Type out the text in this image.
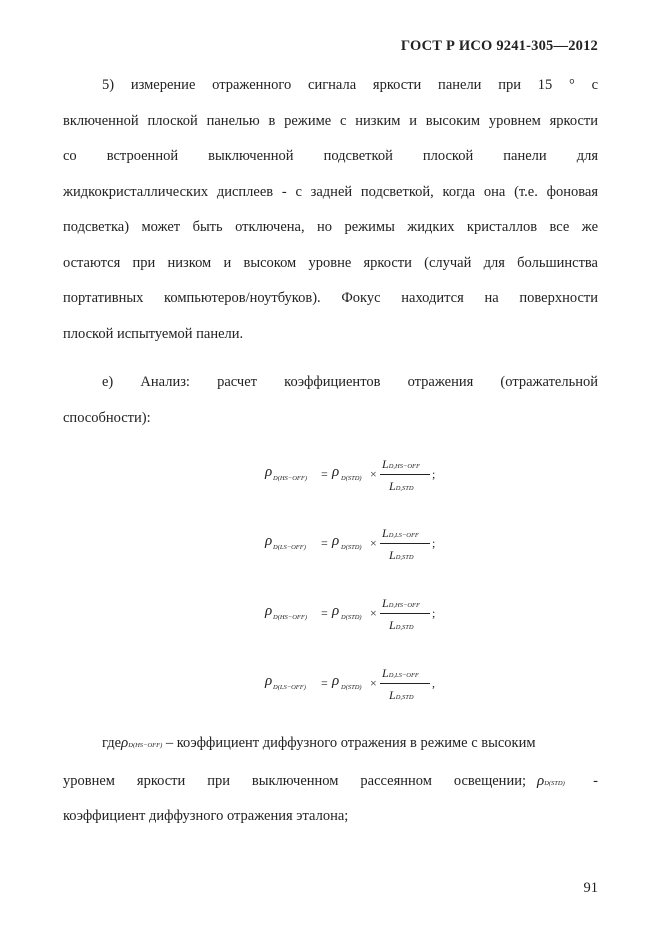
ГОСТ Р ИСО 9241-305—2012
5) измерение отраженного сигнала яркости панели при 15 ° с
включенной плоской панелью в режиме с низким и высоким уровнем яркости
со встроенной выключенной подсветкой плоской панели для
жидкокристаллических дисплеев - с задней подсветкой, когда она (т.е. фоновая
подсветка) может быть отключена, но режимы жидких кристаллов все же
остаются при низком и высоком уровне яркости (случай для большинства
портативных компьютеров/ноутбуков). Фокус находится на поверхности
плоской испытуемой панели.
e) Анализ: расчет коэффициентов отражения (отражательной
способности):
ρ D(HS−OFF) = ρ D(STD) ×
LD,HS−OFF
LD,STD
;
ρ D(LS−OFF) = ρ D(STD) ×
LD,LS−OFF
LD,STD
;
ρ D(HS−OFF) = ρ D(STD) ×
LD,HS−OFF
LD,STD
;
ρ D(LS−OFF) = ρ D(STD) ×
LD,LS−OFF
LD,STD
,
гдеρD(HS−OFF) – коэффициент диффузного отражения в режиме с высоким
уровнем яркости при выключенном рассеянном освещении; ρD(STD) -
коэффициент диффузного отражения эталона;
91
